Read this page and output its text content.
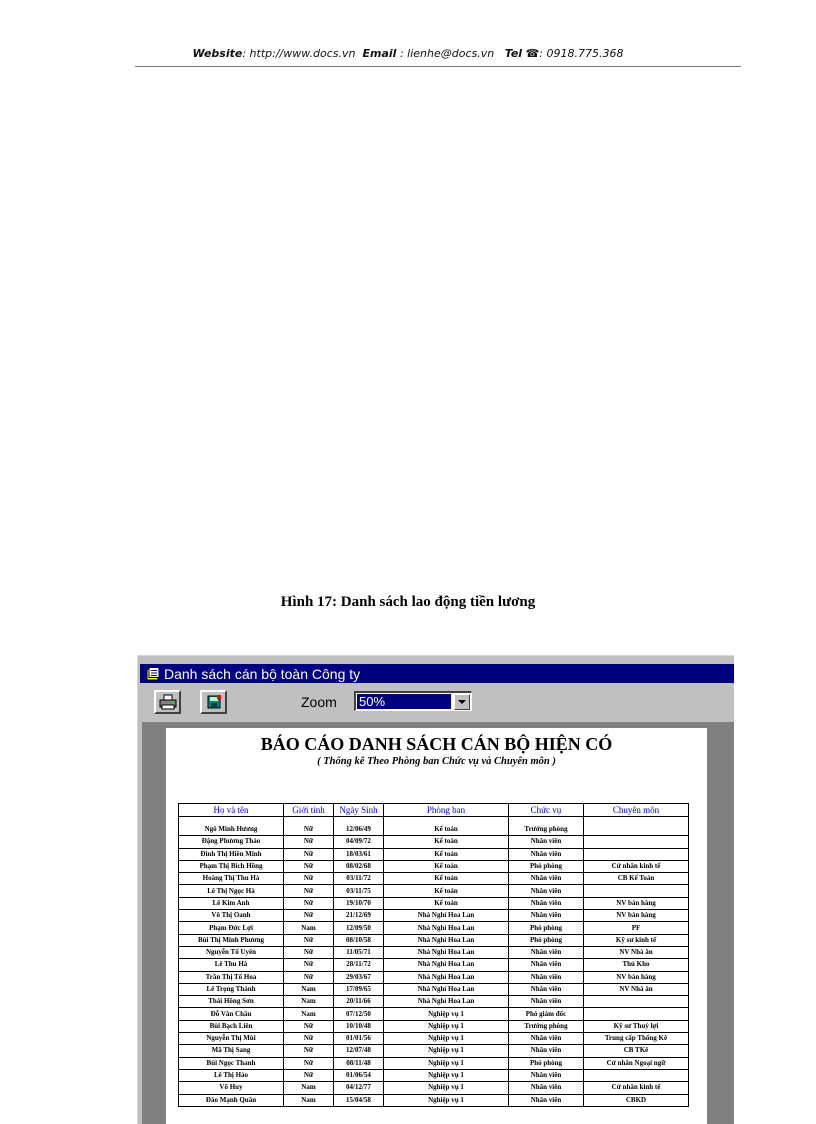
Website: http://www.docs.vn Email : lienhe@docs.vn Tel ☎: 0918.775.368
Hình 17: Danh sách lao động tiền lương
Danh sách cán bộ toàn Công ty
Zoom 50%
BÁO CÁO DANH SÁCH CÁN BỘ HIỆN CÓ
( Thống kê Theo Phòng ban Chức vụ và Chuyên môn )
Họ và tên	Giới tính	Ngày Sinh	Phòng ban	Chức vụ	Chuyên môn

Ngô Minh Hương	Nữ	12/06/49	Kế toán	Trưởng phòng	
Đặng Phương Thảo	Nữ	04/09/72	Kế toán	Nhân viên	
Đinh Thị Hiền Minh	Nữ	18/03/61	Kế toán	Nhân viên	
Phạm Thị Bích Hồng	Nữ	08/02/68	Kế toán	Phó phòng	Cử nhân kinh tế
Hoàng Thị Thu Hà	Nữ	03/11/72	Kế toán	Nhân viên	CB Kế Toán
Lê Thị Ngọc Hà	Nữ	03/11/75	Kế toán	Nhân viên	
Lê Kim Anh	Nữ	19/10/70	Kế toán	Nhân viên	NV bán hàng
Võ Thị Oanh	Nữ	21/12/69	Nhà Nghỉ Hoa Lan	Nhân viên	NV bán hàng
Phạm Đức Lợi	Nam	12/09/50	Nhà Nghỉ Hoa Lan	Phó phòng	PF
Bùi Thị Minh Phương	Nữ	08/10/58	Nhà Nghỉ Hoa Lan	Phó phòng	Kỹ sư kinh tế
Nguyễn Tố Uyên	Nữ	11/05/71	Nhà Nghỉ Hoa Lan	Nhân viên	NV Nhà ăn
Lê Thu Hà	Nữ	28/11/72	Nhà Nghỉ Hoa Lan	Nhân viên	Thủ Kho
Trần Thị Tố Hoa	Nữ	29/03/67	Nhà Nghỉ Hoa Lan	Nhân viên	NV bán hàng
Lê Trọng Thành	Nam	17/09/65	Nhà Nghỉ Hoa Lan	Nhân viên	NV Nhà ăn
Thái Hồng Sơn	Nam	20/11/66	Nhà Nghỉ Hoa Lan	Nhân viên	
Đỗ Văn Châu	Nam	07/12/50	Nghiệp vụ 1	Phó giám đốc	
Bùi Bạch Liên	Nữ	10/10/48	Nghiệp vụ 1	Trưởng phòng	Kỹ sư Thuỷ lợi
Nguyễn Thị Mùi	Nữ	01/01/56	Nghiệp vụ 1	Nhân viên	Trung cấp Thống Kê
Mã Thị Sang	Nữ	12/07/48	Nghiệp vụ 1	Nhân viên	CB TKê
Bùi Ngọc Thanh	Nữ	08/11/48	Nghiệp vụ 1	Phó phòng	Cử nhân Ngoại ngữ
Lê Thị Hảo	Nữ	01/06/54	Nghiệp vụ 1	Nhân viên	
Võ Huy	Nam	04/12/77	Nghiệp vụ 1	Nhân viên	Cử nhân kinh tế
Đào Mạnh Quân	Nam	15/04/58	Nghiệp vụ 1	Nhân viên	CBKD
